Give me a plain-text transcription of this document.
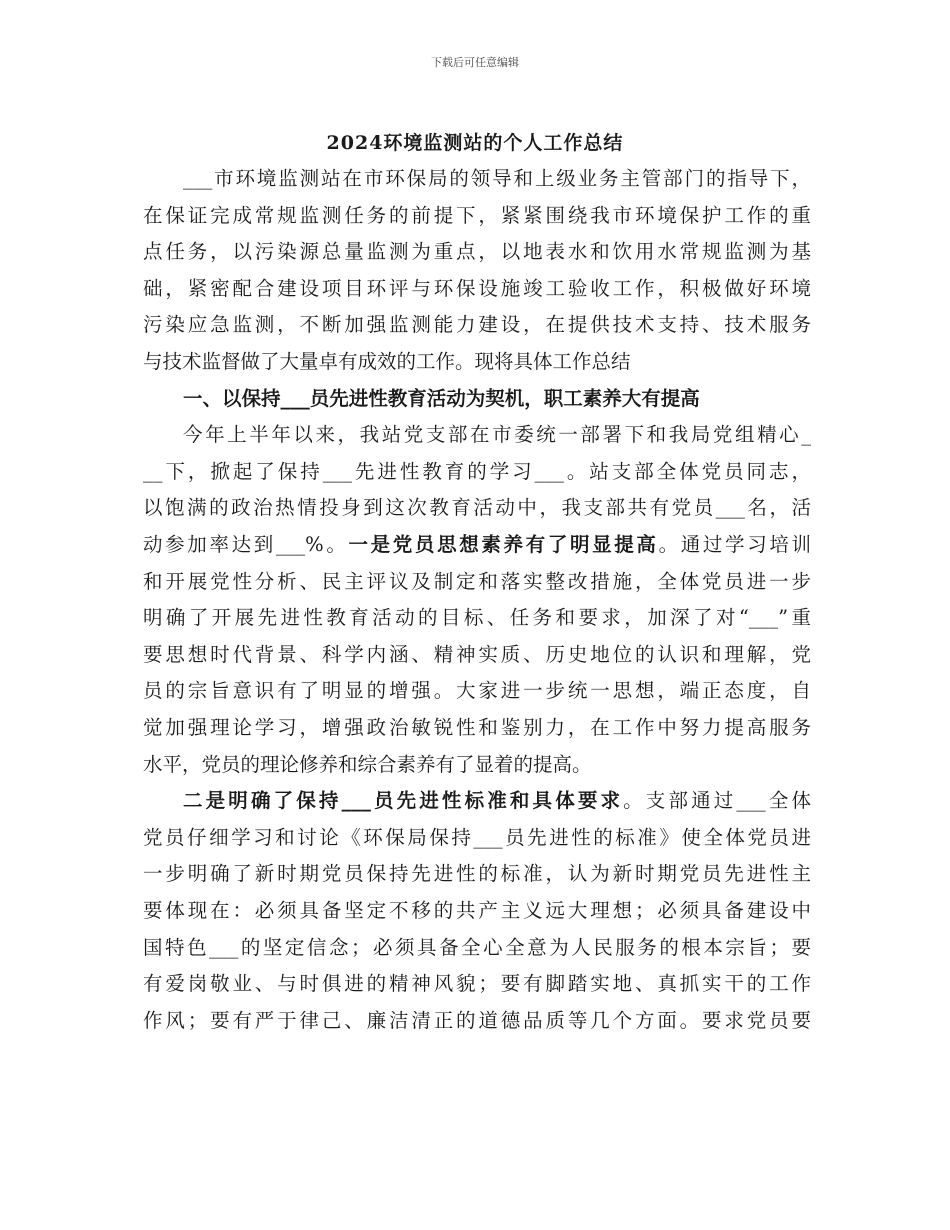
下载后可任意编辑
2024环境监测站的个人工作总结
___市环境监测站在市环保局的领导和上级业务主管部门的指导下，
在保证完成常规监测任务的前提下，紧紧围绕我市环境保护工作的重
点任务，以污染源总量监测为重点，以地表水和饮用水常规监测为基
础，紧密配合建设项目环评与环保设施竣工验收工作，积极做好环境
污染应急监测，不断加强监测能力建设，在提供技术支持、技术服务
与技术监督做了大量卓有成效的工作。现将具体工作总结
一、以保持___员先进性教育活动为契机，职工素养大有提高
今年上半年以来，我站党支部在市委统一部署下和我局党组精心_
__下，掀起了保持___先进性教育的学习___。站支部全体党员同志，
以饱满的政治热情投身到这次教育活动中，我支部共有党员___名，活
动参加率达到___%。一是党员思想素养有了明显提高。通过学习培训
和开展党性分析、民主评议及制定和落实整改措施，全体党员进一步
明确了开展先进性教育活动的目标、任务和要求，加深了对“___”重
要思想时代背景、科学内涵、精神实质、历史地位的认识和理解，党
员的宗旨意识有了明显的增强。大家进一步统一思想，端正态度，自
觉加强理论学习，增强政治敏锐性和鉴别力，在工作中努力提高服务
水平，党员的理论修养和综合素养有了显着的提高。
二是明确了保持___员先进性标准和具体要求。支部通过___全体
党员仔细学习和讨论《环保局保持___员先进性的标准》使全体党员进
一步明确了新时期党员保持先进性的标准，认为新时期党员先进性主
要体现在：必须具备坚定不移的共产主义远大理想；必须具备建设中
国特色___的坚定信念；必须具备全心全意为人民服务的根本宗旨；要
有爱岗敬业、与时俱进的精神风貌；要有脚踏实地、真抓实干的工作
作风；要有严于律己、廉洁清正的道德品质等几个方面。要求党员要
